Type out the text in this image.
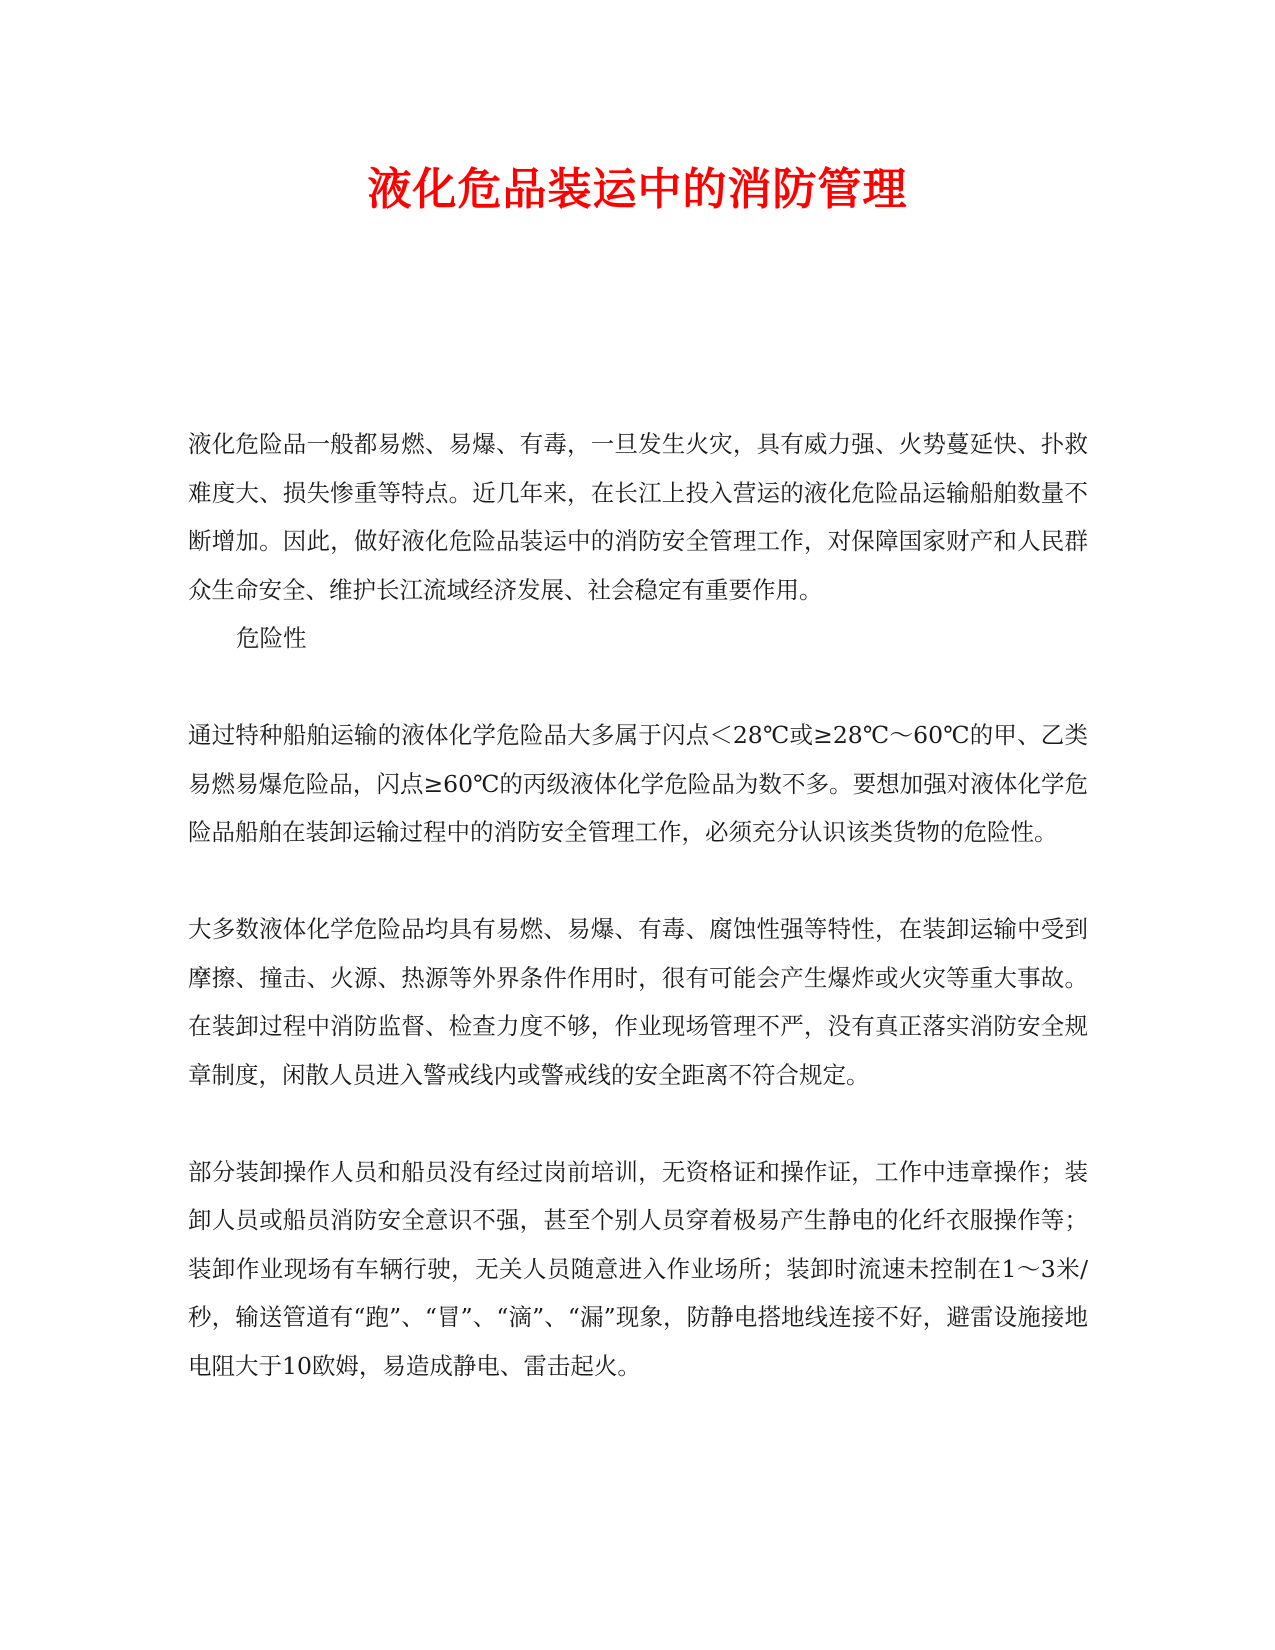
液化危品装运中的消防管理

液化危险品一般都易燃、易爆、有毒，一旦发生火灾，具有威力强、火势蔓延快、扑救难度大、损失惨重等特点。近几年来，在长江上投入营运的液化危险品运输船舶数量不断增加。因此，做好液化危险品装运中的消防安全管理工作，对保障国家财产和人民群众生命安全、维护长江流域经济发展、社会稳定有重要作用。

危险性

通过特种船舶运输的液体化学危险品大多属于闪点＜28℃或≥28℃～60℃的甲、乙类易燃易爆危险品，闪点≥60℃的丙级液体化学危险品为数不多。要想加强对液体化学危险品船舶在装卸运输过程中的消防安全管理工作，必须充分认识该类货物的危险性。

大多数液体化学危险品均具有易燃、易爆、有毒、腐蚀性强等特性，在装卸运输中受到摩擦、撞击、火源、热源等外界条件作用时，很有可能会产生爆炸或火灾等重大事故。在装卸过程中消防监督、检查力度不够，作业现场管理不严，没有真正落实消防安全规章制度，闲散人员进入警戒线内或警戒线的安全距离不符合规定。

部分装卸操作人员和船员没有经过岗前培训，无资格证和操作证，工作中违章操作；装卸人员或船员消防安全意识不强，甚至个别人员穿着极易产生静电的化纤衣服操作等；装卸作业现场有车辆行驶，无关人员随意进入作业场所；装卸时流速未控制在1～3米/秒，输送管道有“跑”、“冒”、“滴”、“漏”现象，防静电搭地线连接不好，避雷设施接地电阻大于10欧姆，易造成静电、雷击起火。
